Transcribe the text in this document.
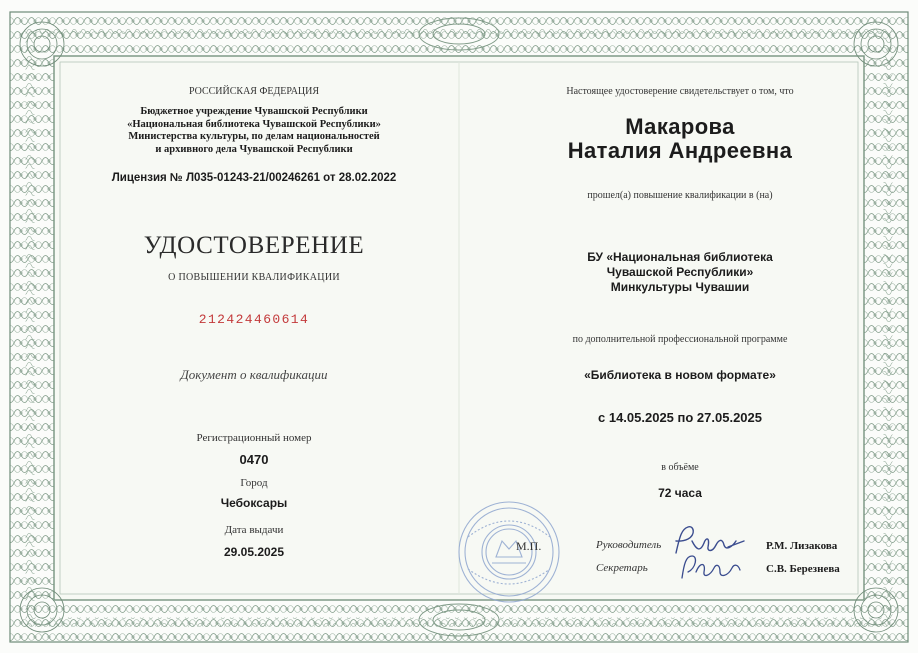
РОССИЙСКАЯ ФЕДЕРАЦИЯ
Бюджетное учреждение Чувашской Республики
«Национальная библиотека Чувашской Республики»
Министерства культуры, по делам национальностей
и архивного дела Чувашской Республики
Лицензия № Л035-01243-21/00246261 от 28.02.2022
УДОСТОВЕРЕНИЕ
О ПОВЫШЕНИИ КВАЛИФИКАЦИИ
212424460614
Документ о квалификации
Регистрационный номер
0470
Город
Чебоксары
Дата выдачи
29.05.2025
Настоящее удостоверение свидетельствует о том, что
Макарова
Наталия Андреевна
прошел(а) повышение квалификации в (на)
БУ «Национальная библиотека
Чувашской Республики»
Минкультуры Чувашии
по дополнительной профессиональной программе
«Библиотека в новом формате»
с 14.05.2025 по 27.05.2025
в объёме
72 часа
М.П.	Руководитель	Р.М. Лизакова
Секретарь	С.В. Березнева
